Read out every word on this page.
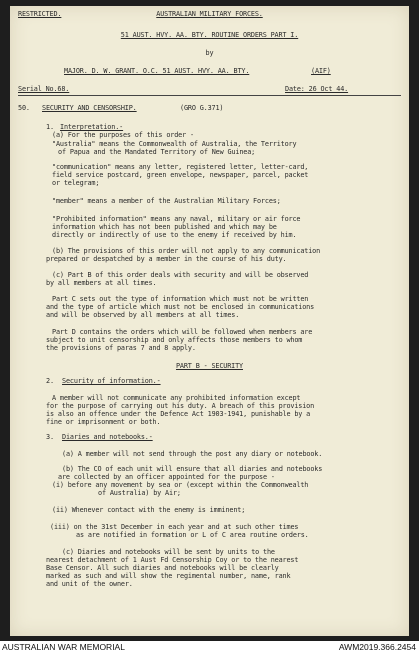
RESTRICTED.	AUSTRALIAN MILITARY FORCES.
51 AUST. HVY. AA. BTY. ROUTINE ORDERS PART I.
by
MAJOR. D. W. GRANT. O.C. 51 AUST. HVY. AA. BTY.	(AIF)
Serial No.68.	Date: 26 Oct 44.
50. SECURITY AND CENSORSHIP.	(GRO G.371)
1. Interpretation.-
(a) For the purposes of this order -
"Australia" means the Commonwealth of Australia, the Territory
of Papua and the Mandated Territory of New Guinea;
"communication" means any letter, registered letter, letter-card,
field service postcard, green envelope, newspaper, parcel, packet
or telegram;
"member" means a member of the Australian Military Forces;
"Prohibited information" means any naval, military or air force
information which has not been published and which may be
directly or indirectly of use to the enemy if received by him.
(b) The provisions of this order will not apply to any communication
prepared or despatched by a member in the course of his duty.
(c) Part B of this order deals with security and will be observed
by all members at all times.
Part C sets out the type of information which must not be written
and the type of article which must not be enclosed in communications
and will be observed by all members at all times.
Part D contains the orders which will be followed when members are
subject to unit censorship and only affects those members to whom
the provisions of paras 7 and 8 apply.
PART B - SECURITY
2. Security of information.-
A member will not communicate any prohibited information except
for the purpose of carrying out his duty. A breach of this provision
is also an offence under the Defence Act 1903-1941, punishable by a
fine or imprisonment or both.
3. Diaries and notebooks.-
(a) A member will not send through the post any diary or notebook.
(b) The CO of each unit will ensure that all diaries and notebooks
are collected by an officer appointed for the purpose -
(i) before any movement by sea or (except within the Commonwealth
of Australia) by Air;
(ii) Whenever contact with the enemy is imminent;
(iii) on the 31st December in each year and at such other times
as are notified in formation or L of C area routine orders.
(c) Diaries and notebooks will be sent by units to the
nearest detachment of 1 Aust Fd Censorship Coy or to the nearest
Base Censor. All such diaries and notebooks will be clearly
marked as such and will show the regimental number, name, rank
and unit of the owner.
AUSTRALIAN WAR MEMORIAL	AWM2019.366.2454
